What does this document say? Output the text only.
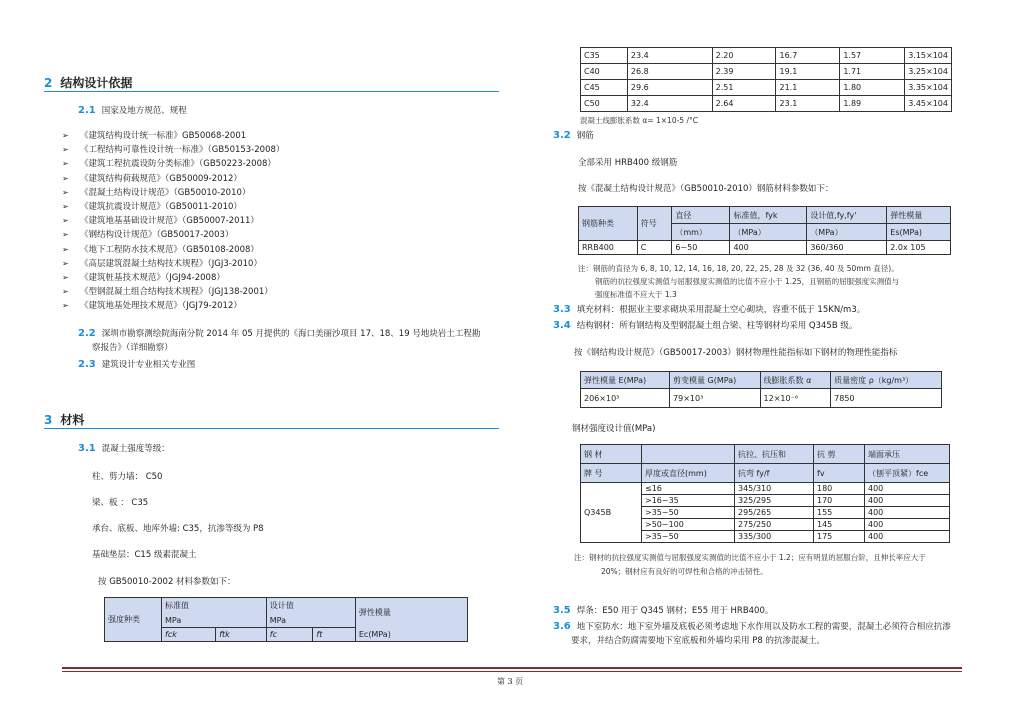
2 结构设计依据
2.1 国家及地方规范、规程
➢ 《建筑结构设计统一标准》GB50068-2001
➢ 《工程结构可靠性设计统一标准》（GB50153-2008）
➢ 《建筑工程抗震设防分类标准》（GB50223-2008）
➢ 《建筑结构荷载规范》（GB50009-2012）
➢ 《混凝土结构设计规范》（GB50010-2010）
➢ 《建筑抗震设计规范》（GB50011-2010）
➢ 《建筑地基基础设计规范》（GB50007-2011）
➢ 《钢结构设计规范》（GB50017-2003）
➢ 《地下工程防水技术规范》（GB50108-2008）
➢ 《高层建筑混凝土结构技术规程》（JGJ3-2010）
➢ 《建筑桩基技术规范》（JGJ94-2008）
➢ 《型钢混凝土组合结构技术规程》（JGJ138-2001）
➢ 《建筑地基处理技术规范》（JGJ79-2012）
2.2 深圳市勘察测绘院海南分院 2014 年 05 月提供的《海口美丽沙项目 17、18、19 号地块岩土工程勘
察报告》（详细勘察）
2.3 建筑设计专业相关专业图
3 材料
3.1 混凝土强度等级：
柱、剪力墙： C50
梁、板 ： C35
承台、底板、地库外墙: C35，抗渗等级为 P8
基础垫层：C15 级素混凝土
按 GB50010-2002 材料参数如下：
强度种类	标准值		设计值		弹性模量
	MPa		MPa		
	fck	ftk	fc	ft	Ec(MPa)
C35	23.4	2.20	16.7	1.57	3.15×104
C40	26.8	2.39	19.1	1.71	3.25×104
C45	29.6	2.51	21.1	1.80	3.35×104
C50	32.4	2.64	23.1	1.89	3.45×104
混凝土线膨胀系数 α= 1×10-5 /°C
3.2 钢筋
全部采用 HRB400 级钢筋
按《混凝土结构设计规范》（GB50010-2010）钢筋材料参数如下：
钢筋种类	符号	直径	标准值，fyk	设计值,fy,fy'	弹性模量
		（mm）	（MPa）	（MPa）	Es(MPa)
RRB400	C	6~50	400	360/360	2.0x 105
注：钢筋的直径为 6, 8, 10, 12, 14, 16, 18, 20, 22, 25, 28 及 32 (36, 40 及 50mm 直径)。
钢筋的抗拉强度实测值与屈服强度实测值的比值不应小于 1.25，且钢筋的屈服强度实测值与
强度标准值不应大于 1.3
3.3 填充材料：根据业主要求砌块采用混凝土空心砌块，容重不低于 15KN/m3。
3.4 结构钢材：所有钢结构及型钢混凝土组合梁、柱等钢材均采用 Q345B 级。
按《钢结构设计规范》（GB50017-2003）钢材物理性能指标如下钢材的物理性能指标
弹性模量 E(MPa)	剪变模量 G(MPa)	线膨胀系数 α	质量密度 ρ（kg/m³）
206×10³	79×10³	12×10⁻⁶	7850
钢材强度设计值(MPa)
钢 材		抗拉、抗压和	抗 剪	端面承压
牌 号	厚度或直径(mm)	抗弯 fy/f	fv	（刨平顶紧）fce
Q345B	≤16	345/310	180	400
	>16~35	325/295	170	400
	>35~50	295/265	155	400
	>50~100	275/250	145	400
	>35~50	335/300	175	400
注：钢材的抗拉强度实测值与屈服强度实测值的比值不应小于 1.2；应有明显的屈服台阶，且伸长率应大于
20%；钢材应有良好的可焊性和合格的冲击韧性。
3.5 焊条：E50 用于 Q345 钢材；E55 用于 HRB400。
3.6 地下室防水：地下室外墙及底板必须考虑地下水作用以及防水工程的需要，混凝土必须符合相应抗渗
要求，并结合防腐需要地下室底板和外墙均采用 P8 的抗渗混凝土。
第 3 页
